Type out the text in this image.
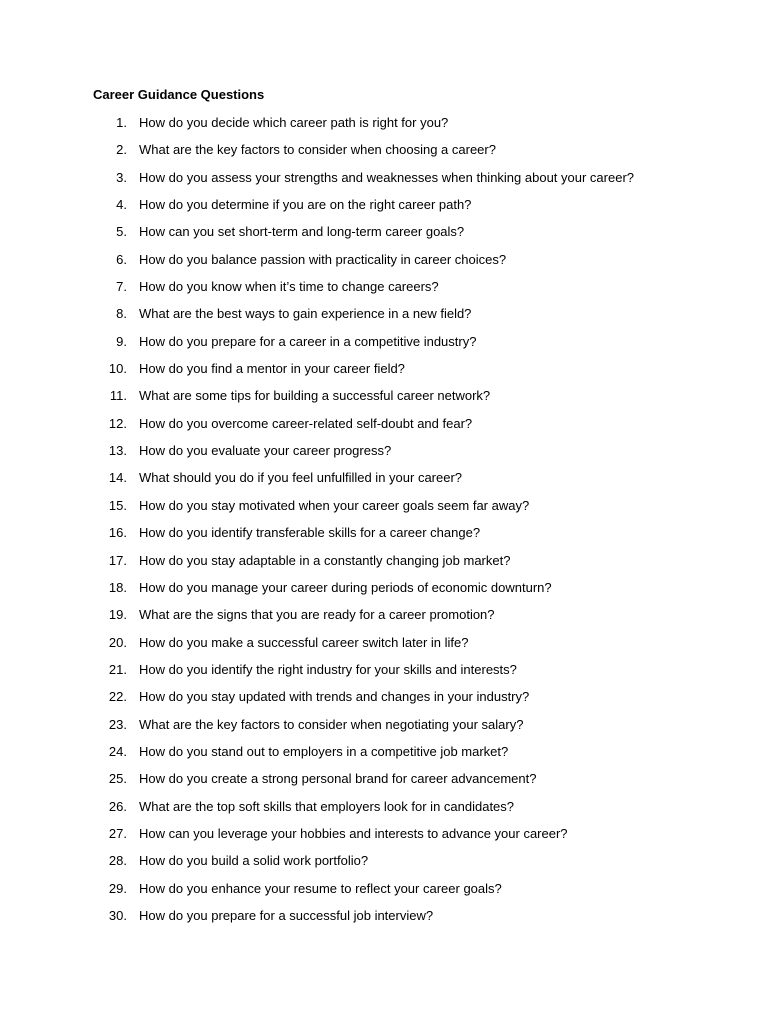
Career Guidance Questions
1. How do you decide which career path is right for you?
2. What are the key factors to consider when choosing a career?
3. How do you assess your strengths and weaknesses when thinking about your career?
4. How do you determine if you are on the right career path?
5. How can you set short-term and long-term career goals?
6. How do you balance passion with practicality in career choices?
7. How do you know when it’s time to change careers?
8. What are the best ways to gain experience in a new field?
9. How do you prepare for a career in a competitive industry?
10. How do you find a mentor in your career field?
11. What are some tips for building a successful career network?
12. How do you overcome career-related self-doubt and fear?
13. How do you evaluate your career progress?
14. What should you do if you feel unfulfilled in your career?
15. How do you stay motivated when your career goals seem far away?
16. How do you identify transferable skills for a career change?
17. How do you stay adaptable in a constantly changing job market?
18. How do you manage your career during periods of economic downturn?
19. What are the signs that you are ready for a career promotion?
20. How do you make a successful career switch later in life?
21. How do you identify the right industry for your skills and interests?
22. How do you stay updated with trends and changes in your industry?
23. What are the key factors to consider when negotiating your salary?
24. How do you stand out to employers in a competitive job market?
25. How do you create a strong personal brand for career advancement?
26. What are the top soft skills that employers look for in candidates?
27. How can you leverage your hobbies and interests to advance your career?
28. How do you build a solid work portfolio?
29. How do you enhance your resume to reflect your career goals?
30. How do you prepare for a successful job interview?
